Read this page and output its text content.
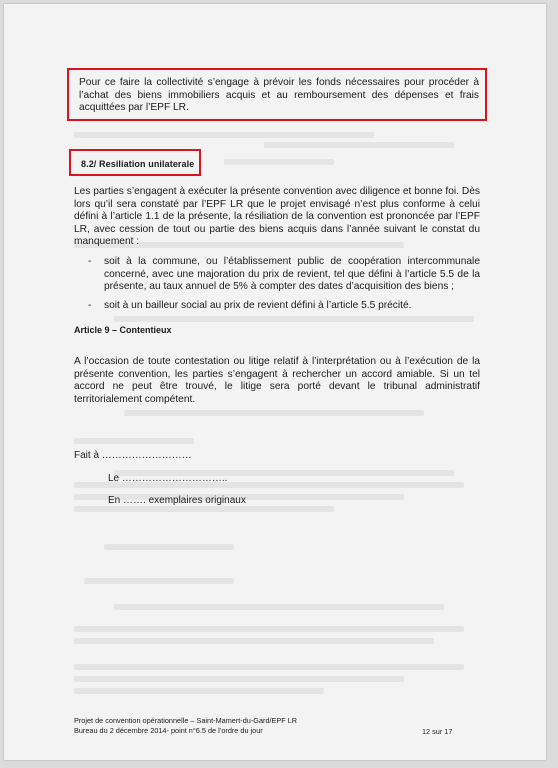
Pour ce faire la collectivité s’engage à prévoir les fonds nécessaires pour procéder à l’achat des biens immobiliers acquis et au remboursement des dépenses et frais acquittées par l’EPF LR.

8.2/ Resiliation unilaterale

Les parties s’engagent à exécuter la présente convention avec diligence et bonne foi. Dès lors qu’il sera constaté par l’EPF LR que le projet envisagé n’est plus conforme à celui défini à l’article 1.1 de la présente, la résiliation de la convention est prononcée par l’EPF LR, avec cession de tout ou partie des biens acquis dans l’année suivant le constat du manquement :

- soit à la commune, ou l’établissement public de coopération intercommunale concerné, avec une majoration du prix de revient, tel que défini à l’article 5.5 de la présente, au taux annuel de 5% à compter des dates d’acquisition des biens ;
- soit à un bailleur social au prix de revient défini à l’article 5.5 précité.
Article 9 – Contentieux

A l’occasion de toute contestation ou litige relatif à l’interprétation ou à l’exécution de la présente convention, les parties s’engagent à rechercher un accord amiable. Si un tel accord ne peut être trouvé, le litige sera porté devant le tribunal administratif territorialement compétent.

Fait à ………………………
Le …………………………..
En ……. exemplaires originaux
Projet de convention opérationnelle – Saint-Mamert-du-Gard/EPF LR
Bureau du 2 décembre 2014- point n°6.5 de l’ordre du jour	12 sur 17
